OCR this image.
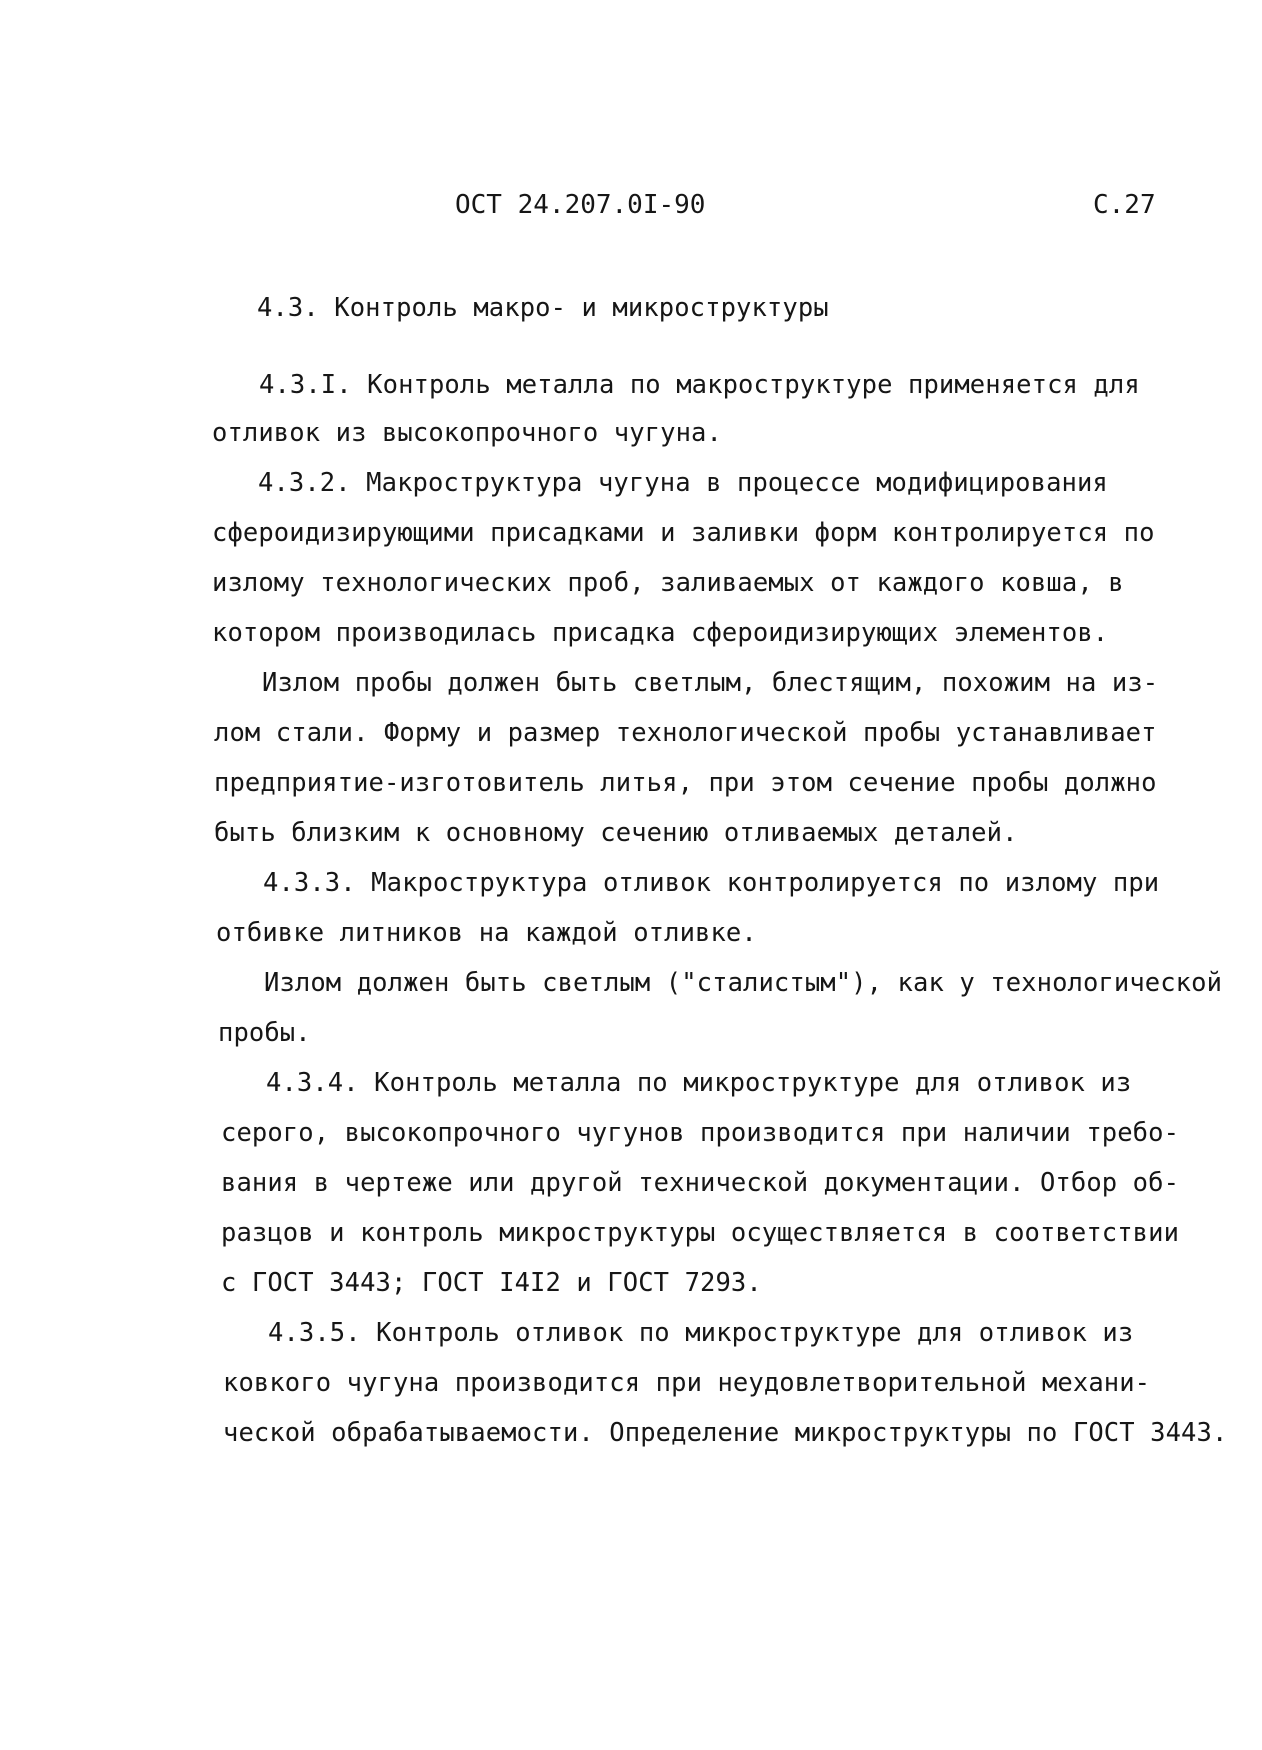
ОСТ 24.207.0I-90	С.27
4.3. Контроль макро- и микроструктуры
4.3.I. Контроль металла по макроструктуре применяется для
отливок из высокопрочного чугуна.
4.3.2. Макроструктура чугуна в процессе модифицирования
сфероидизирующими присадками и заливки форм контролируется по
излому технологических проб, заливаемых от каждого ковша, в
котором производилась присадка сфероидизирующих элементов.
Излом пробы должен быть светлым, блестящим, похожим на из-
лом стали. Форму и размер технологической пробы устанавливает
предприятие-изготовитель литья, при этом сечение пробы должно
быть близким к основному сечению отливаемых деталей.
4.3.3. Макроструктура отливок контролируется по излому при
отбивке литников на каждой отливке.
Излом должен быть светлым ("сталистым"), как у технологической
пробы.
4.3.4. Контроль металла по микроструктуре для отливок из
серого, высокопрочного чугунов производится при наличии требо-
вания в чертеже или другой технической документации. Отбор об-
разцов и контроль микроструктуры осуществляется в соответствии
с ГОСТ 3443; ГОСТ I4I2 и ГОСТ 7293.
4.3.5. Контроль отливок по микроструктуре для отливок из
ковкого чугуна производится при неудовлетворительной механи-
ческой обрабатываемости. Определение микроструктуры по ГОСТ 3443.
